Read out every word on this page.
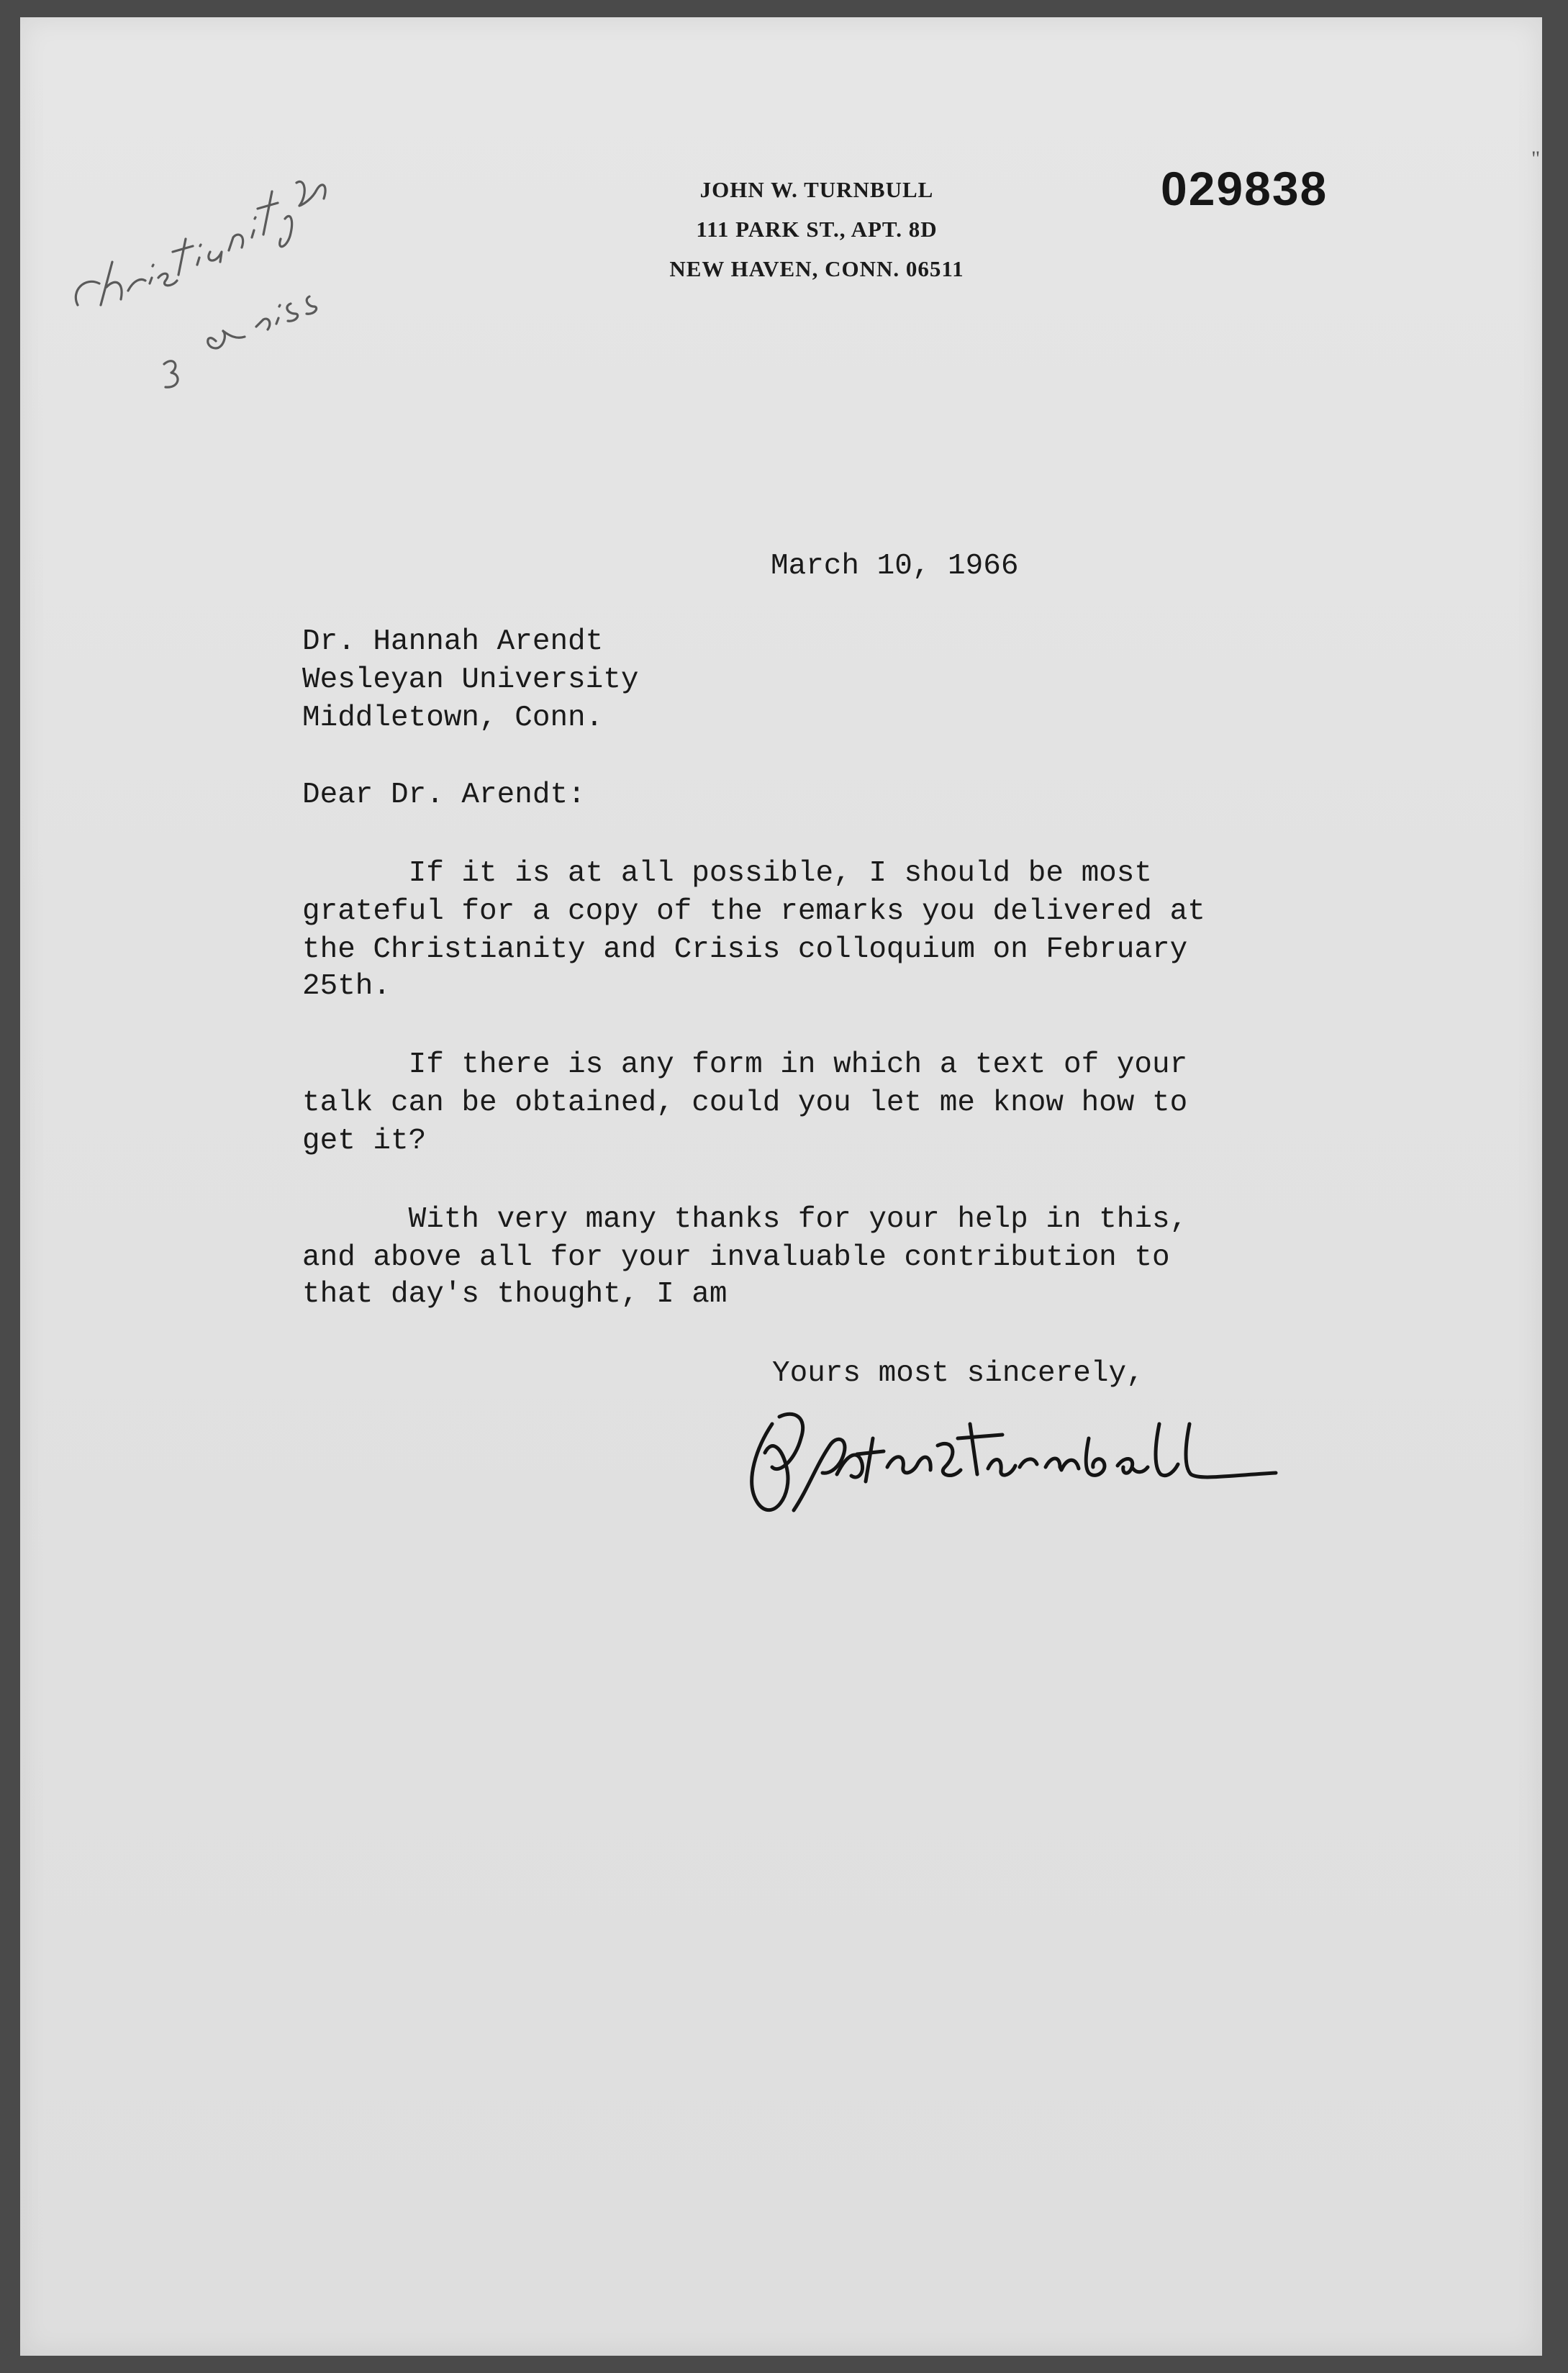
JOHN W. TURNBULL
111 PARK ST., APT. 8D
NEW HAVEN, CONN. 06511
029838
"
March 10, 1966
Dr. Hannah Arendt
Wesleyan University
Middletown, Conn.
Dear Dr. Arendt:
If it is at all possible, I should be most
grateful for a copy of the remarks you delivered at
the Christianity and Crisis colloquium on February
25th.
If there is any form in which a text of your
talk can be obtained, could you let me know how to
get it?
With very many thanks for your help in this,
and above all for your invaluable contribution to
that day's thought, I am
Yours most sincerely,
